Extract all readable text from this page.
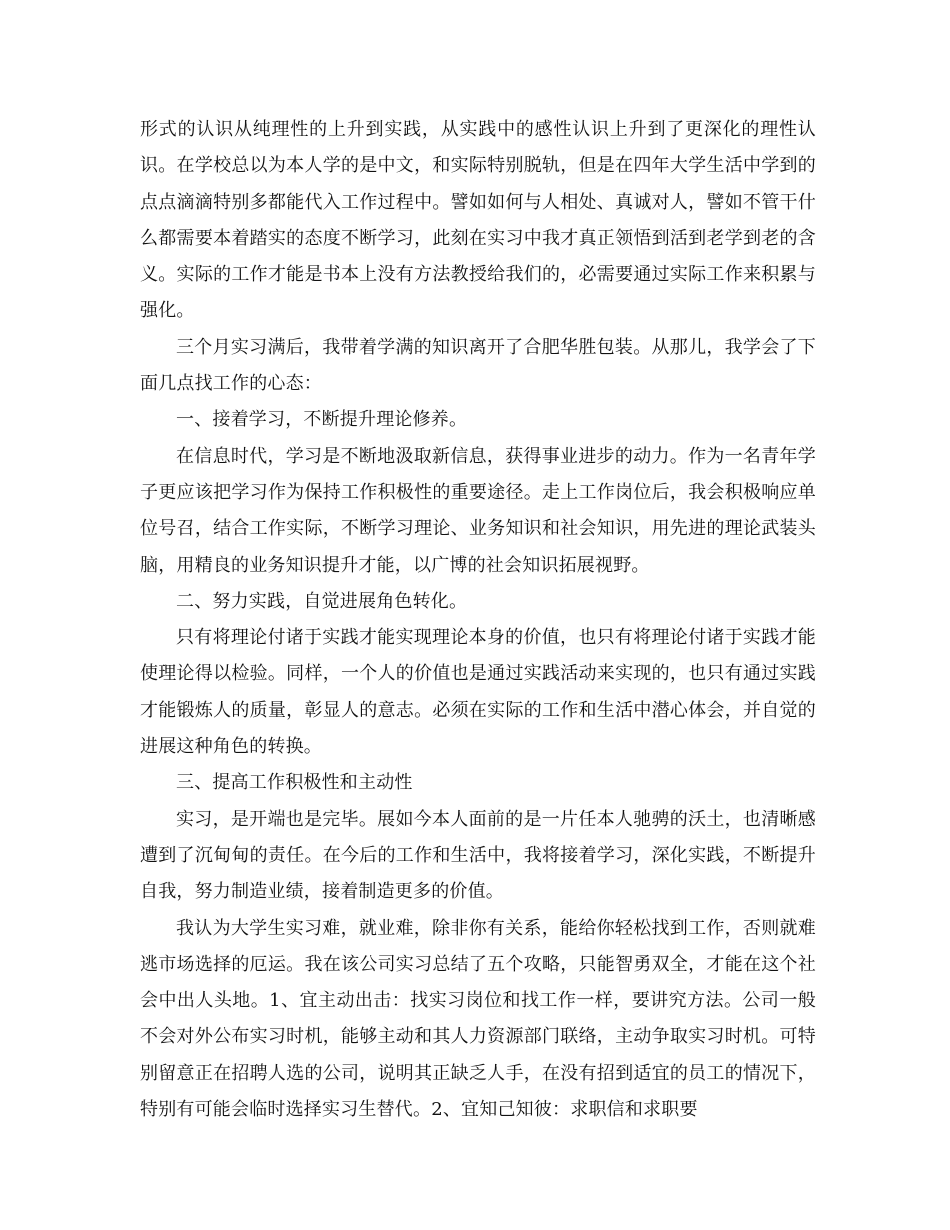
形式的认识从纯理性的上升到实践，从实践中的感性认识上升到了更深化的理性认识。在学校总以为本人学的是中文，和实际特别脱轨，但是在四年大学生活中学到的点点滴滴特别多都能代入工作过程中。譬如如何与人相处、真诚对人，譬如不管干什么都需要本着踏实的态度不断学习，此刻在实习中我才真正领悟到活到老学到老的含义。实际的工作才能是书本上没有方法教授给我们的，必需要通过实际工作来积累与强化。

三个月实习满后，我带着学满的知识离开了合肥华胜包装。从那儿，我学会了下面几点找工作的心态：

一、接着学习，不断提升理论修养。

在信息时代，学习是不断地汲取新信息，获得事业进步的动力。作为一名青年学子更应该把学习作为保持工作积极性的重要途径。走上工作岗位后，我会积极响应单位号召，结合工作实际，不断学习理论、业务知识和社会知识，用先进的理论武装头脑，用精良的业务知识提升才能，以广博的社会知识拓展视野。

二、努力实践，自觉进展角色转化。

只有将理论付诸于实践才能实现理论本身的价值，也只有将理论付诸于实践才能使理论得以检验。同样，一个人的价值也是通过实践活动来实现的，也只有通过实践才能锻炼人的质量，彰显人的意志。必须在实际的工作和生活中潜心体会，并自觉的进展这种角色的转换。

三、提高工作积极性和主动性

实习，是开端也是完毕。展如今本人面前的是一片任本人驰骋的沃土，也清晰感遭到了沉甸甸的责任。在今后的工作和生活中，我将接着学习，深化实践，不断提升自我，努力制造业绩，接着制造更多的价值。

我认为大学生实习难，就业难，除非你有关系，能给你轻松找到工作，否则就难逃市场选择的厄运。我在该公司实习总结了五个攻略，只能智勇双全，才能在这个社会中出人头地。1、宜主动出击：找实习岗位和找工作一样，要讲究方法。公司一般不会对外公布实习时机，能够主动和其人力资源部门联络，主动争取实习时机。可特别留意正在招聘人选的公司，说明其正缺乏人手，在没有招到适宜的员工的情况下，特别有可能会临时选择实习生替代。2、宜知己知彼：求职信和求职要
